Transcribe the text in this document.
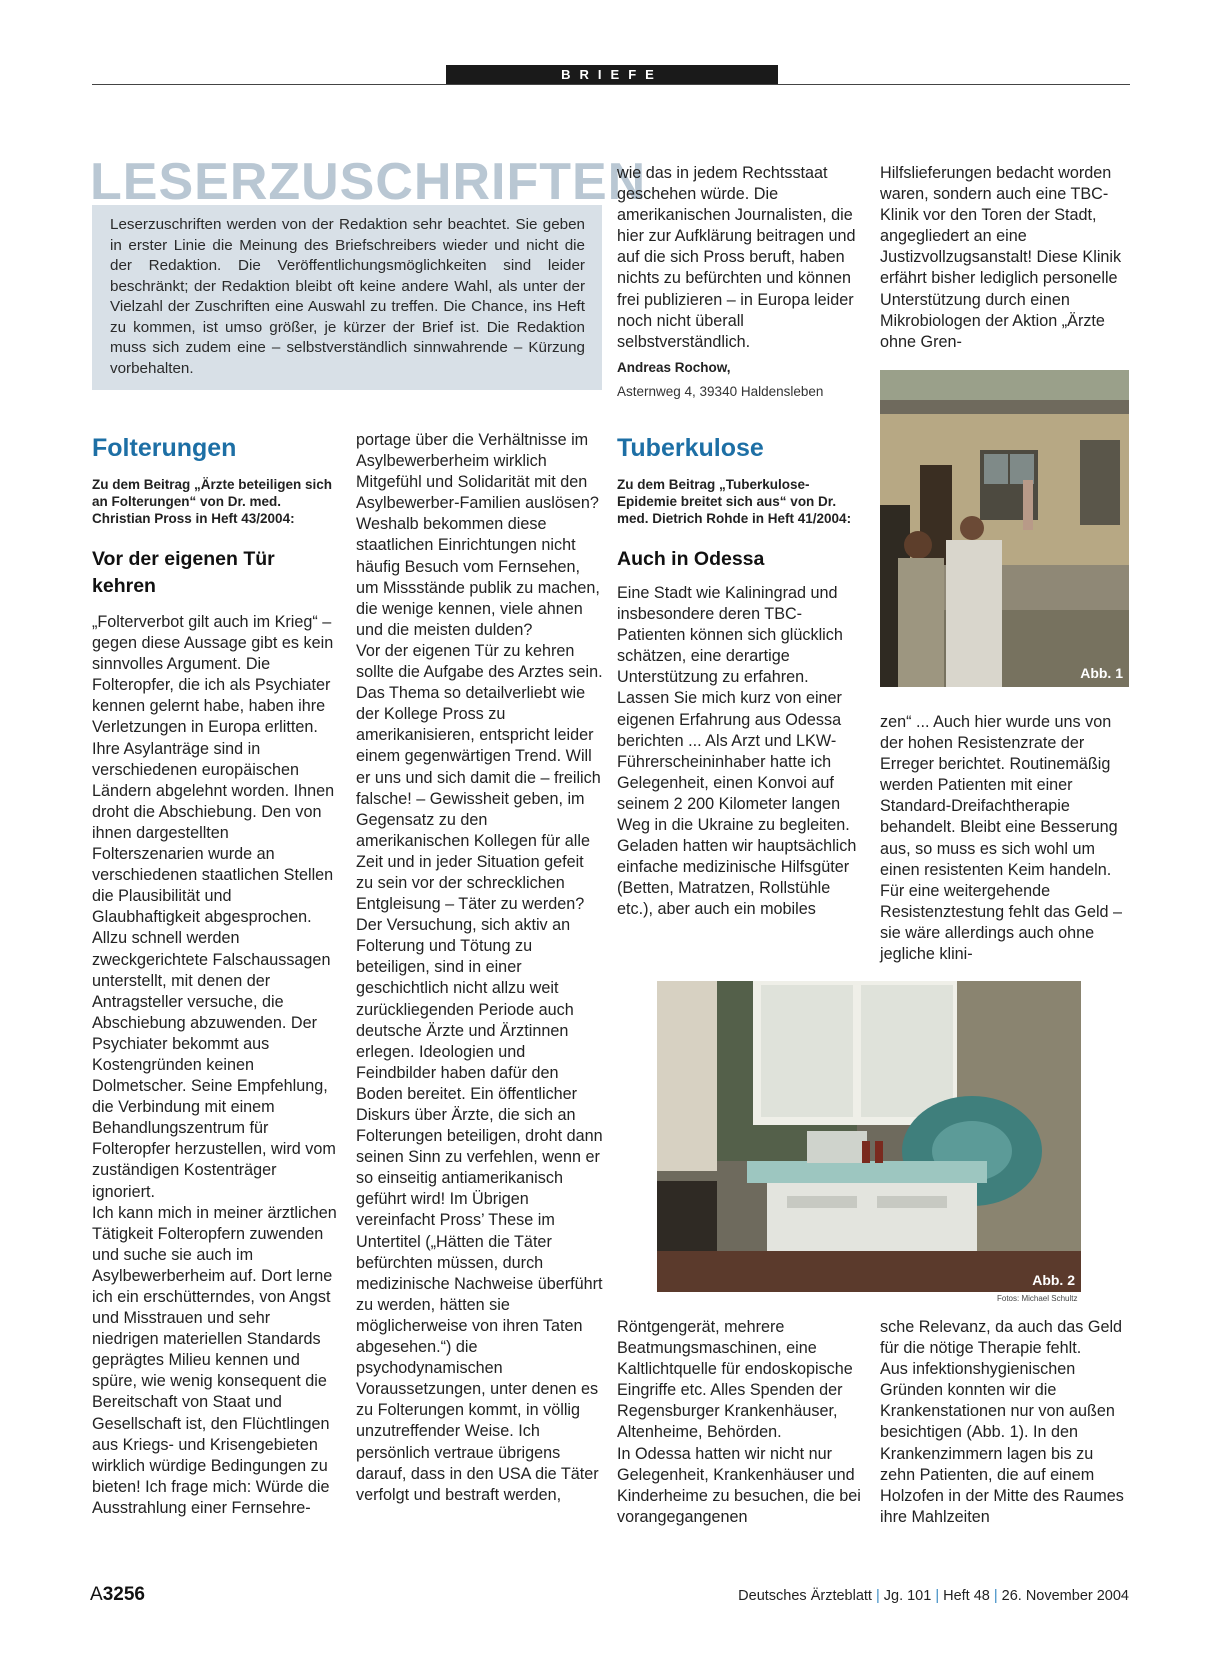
BRIEFE
LESERZUSCHRIFTEN
Leserzuschriften werden von der Redaktion sehr beachtet. Sie geben in erster Linie die Meinung des Briefschreibers wieder und nicht die der Redaktion. Die Veröffentlichungsmöglichkeiten sind leider beschränkt; der Redaktion bleibt oft keine andere Wahl, als unter der Vielzahl der Zuschriften eine Auswahl zu treffen. Die Chance, ins Heft zu kommen, ist umso größer, je kürzer der Brief ist. Die Redaktion muss sich zudem eine – selbstverständlich sinnwahrende – Kürzung vorbehalten.

wie das in jedem Rechtsstaat geschehen würde. Die amerikanischen Journalisten, die hier zur Aufklärung beitragen und auf die sich Pross beruft, haben nichts zu befürchten und können frei publizieren – in Europa leider noch nicht überall selbstverständlich.

Andreas Rochow,
Asternweg 4, 39340 Haldensleben

Hilfslieferungen bedacht worden waren, sondern auch eine TBC-Klinik vor den Toren der Stadt, angegliedert an eine Justizvollzugsanstalt! Diese Klinik erfährt bisher lediglich personelle Unterstützung durch einen Mikrobiologen der Aktion „Ärzte ohne Gren-

Abb. 1
Folterungen
Zu dem Beitrag „Ärzte beteiligen sich an Folterungen“ von Dr. med. Christian Pross in Heft 43/2004:
Vor der eigenen Tür kehren

„Folterverbot gilt auch im Krieg“ – gegen diese Aussage gibt es kein sinnvolles Argument. Die Folteropfer, die ich als Psychiater kennen gelernt habe, haben ihre Verletzungen in Europa erlitten. Ihre Asylanträge sind in verschiedenen europäischen Ländern abgelehnt worden. Ihnen droht die Abschiebung. Den von ihnen dargestellten Folterszenarien wurde an verschiedenen staatlichen Stellen die Plausibilität und Glaubhaftigkeit abgesprochen. Allzu schnell werden zweckgerichtete Falschaussagen unterstellt, mit denen der Antragsteller versuche, die Abschiebung abzuwenden. Der Psychiater bekommt aus Kostengründen keinen Dolmetscher. Seine Empfehlung, die Verbindung mit einem Behandlungszentrum für Folteropfer herzustellen, wird vom zuständigen Kostenträger ignoriert.

Ich kann mich in meiner ärztlichen Tätigkeit Folteropfern zuwenden und suche sie auch im Asylbewerberheim auf. Dort lerne ich ein erschütterndes, von Angst und Misstrauen und sehr niedrigen materiellen Standards geprägtes Milieu kennen und spüre, wie wenig konsequent die Bereitschaft von Staat und Gesellschaft ist, den Flüchtlingen aus Kriegs- und Krisengebieten wirklich würdige Bedingungen zu bieten! Ich frage mich: Würde die Ausstrahlung einer Fernsehre-

portage über die Verhältnisse im Asylbewerberheim wirklich Mitgefühl und Solidarität mit den Asylbewerber-Familien auslösen? Weshalb bekommen diese staatlichen Einrichtungen nicht häufig Besuch vom Fernsehen, um Missstände publik zu machen, die wenige kennen, viele ahnen und die meisten dulden?

Vor der eigenen Tür zu kehren sollte die Aufgabe des Arztes sein. Das Thema so detailverliebt wie der Kollege Pross zu amerikanisieren, entspricht leider einem gegenwärtigen Trend. Will er uns und sich damit die – freilich falsche! – Gewissheit geben, im Gegensatz zu den amerikanischen Kollegen für alle Zeit und in jeder Situation gefeit zu sein vor der schrecklichen Entgleisung – Täter zu werden? Der Versuchung, sich aktiv an Folterung und Tötung zu beteiligen, sind in einer geschichtlich nicht allzu weit zurückliegenden Periode auch deutsche Ärzte und Ärztinnen erlegen. Ideologien und Feindbilder haben dafür den Boden bereitet. Ein öffentlicher Diskurs über Ärzte, die sich an Folterungen beteiligen, droht dann seinen Sinn zu verfehlen, wenn er so einseitig antiamerikanisch geführt wird! Im Übrigen vereinfacht Pross’ These im Untertitel („Hätten die Täter befürchten müssen, durch medizinische Nachweise überführt zu werden, hätten sie möglicherweise von ihren Taten abgesehen.“) die psychodynamischen Voraussetzungen, unter denen es zu Folterungen kommt, in völlig unzutreffender Weise. Ich persönlich vertraue übrigens darauf, dass in den USA die Täter verfolgt und bestraft werden,

Tuberkulose
Zu dem Beitrag „Tuberkulose-Epidemie breitet sich aus“ von Dr. med. Dietrich Rohde in Heft 41/2004:
Auch in Odessa

Eine Stadt wie Kaliningrad und insbesondere deren TBC-Patienten können sich glücklich schätzen, eine derartige Unterstützung zu erfahren. Lassen Sie mich kurz von einer eigenen Erfahrung aus Odessa berichten ... Als Arzt und LKW-Führerscheininhaber hatte ich Gelegenheit, einen Konvoi auf seinem 2 200 Kilometer langen Weg in die Ukraine zu begleiten. Geladen hatten wir hauptsächlich einfache medizinische Hilfsgüter (Betten, Matratzen, Rollstühle etc.), aber auch ein mobiles

zen“ ... Auch hier wurde uns von der hohen Resistenzrate der Erreger berichtet. Routinemäßig werden Patienten mit einer Standard-Dreifachtherapie behandelt. Bleibt eine Besserung aus, so muss es sich wohl um einen resistenten Keim handeln. Für eine weitergehende Resistenztestung fehlt das Geld – sie wäre allerdings auch ohne jegliche klini-

Abb. 2
Fotos: Michael Schultz

Röntgengerät, mehrere Beatmungsmaschinen, eine Kaltlichtquelle für endoskopische Eingriffe etc. Alles Spenden der Regensburger Krankenhäuser, Altenheime, Behörden.

In Odessa hatten wir nicht nur Gelegenheit, Krankenhäuser und Kinderheime zu besuchen, die bei vorangegangenen

sche Relevanz, da auch das Geld für die nötige Therapie fehlt.

Aus infektionshygienischen Gründen konnten wir die Krankenstationen nur von außen besichtigen (Abb. 1). In den Krankenzimmern lagen bis zu zehn Patienten, die auf einem Holzofen in der Mitte des Raumes ihre Mahlzeiten

A3256	Deutsches Ärzteblatt | Jg. 101 | Heft 48 | 26. November 2004
